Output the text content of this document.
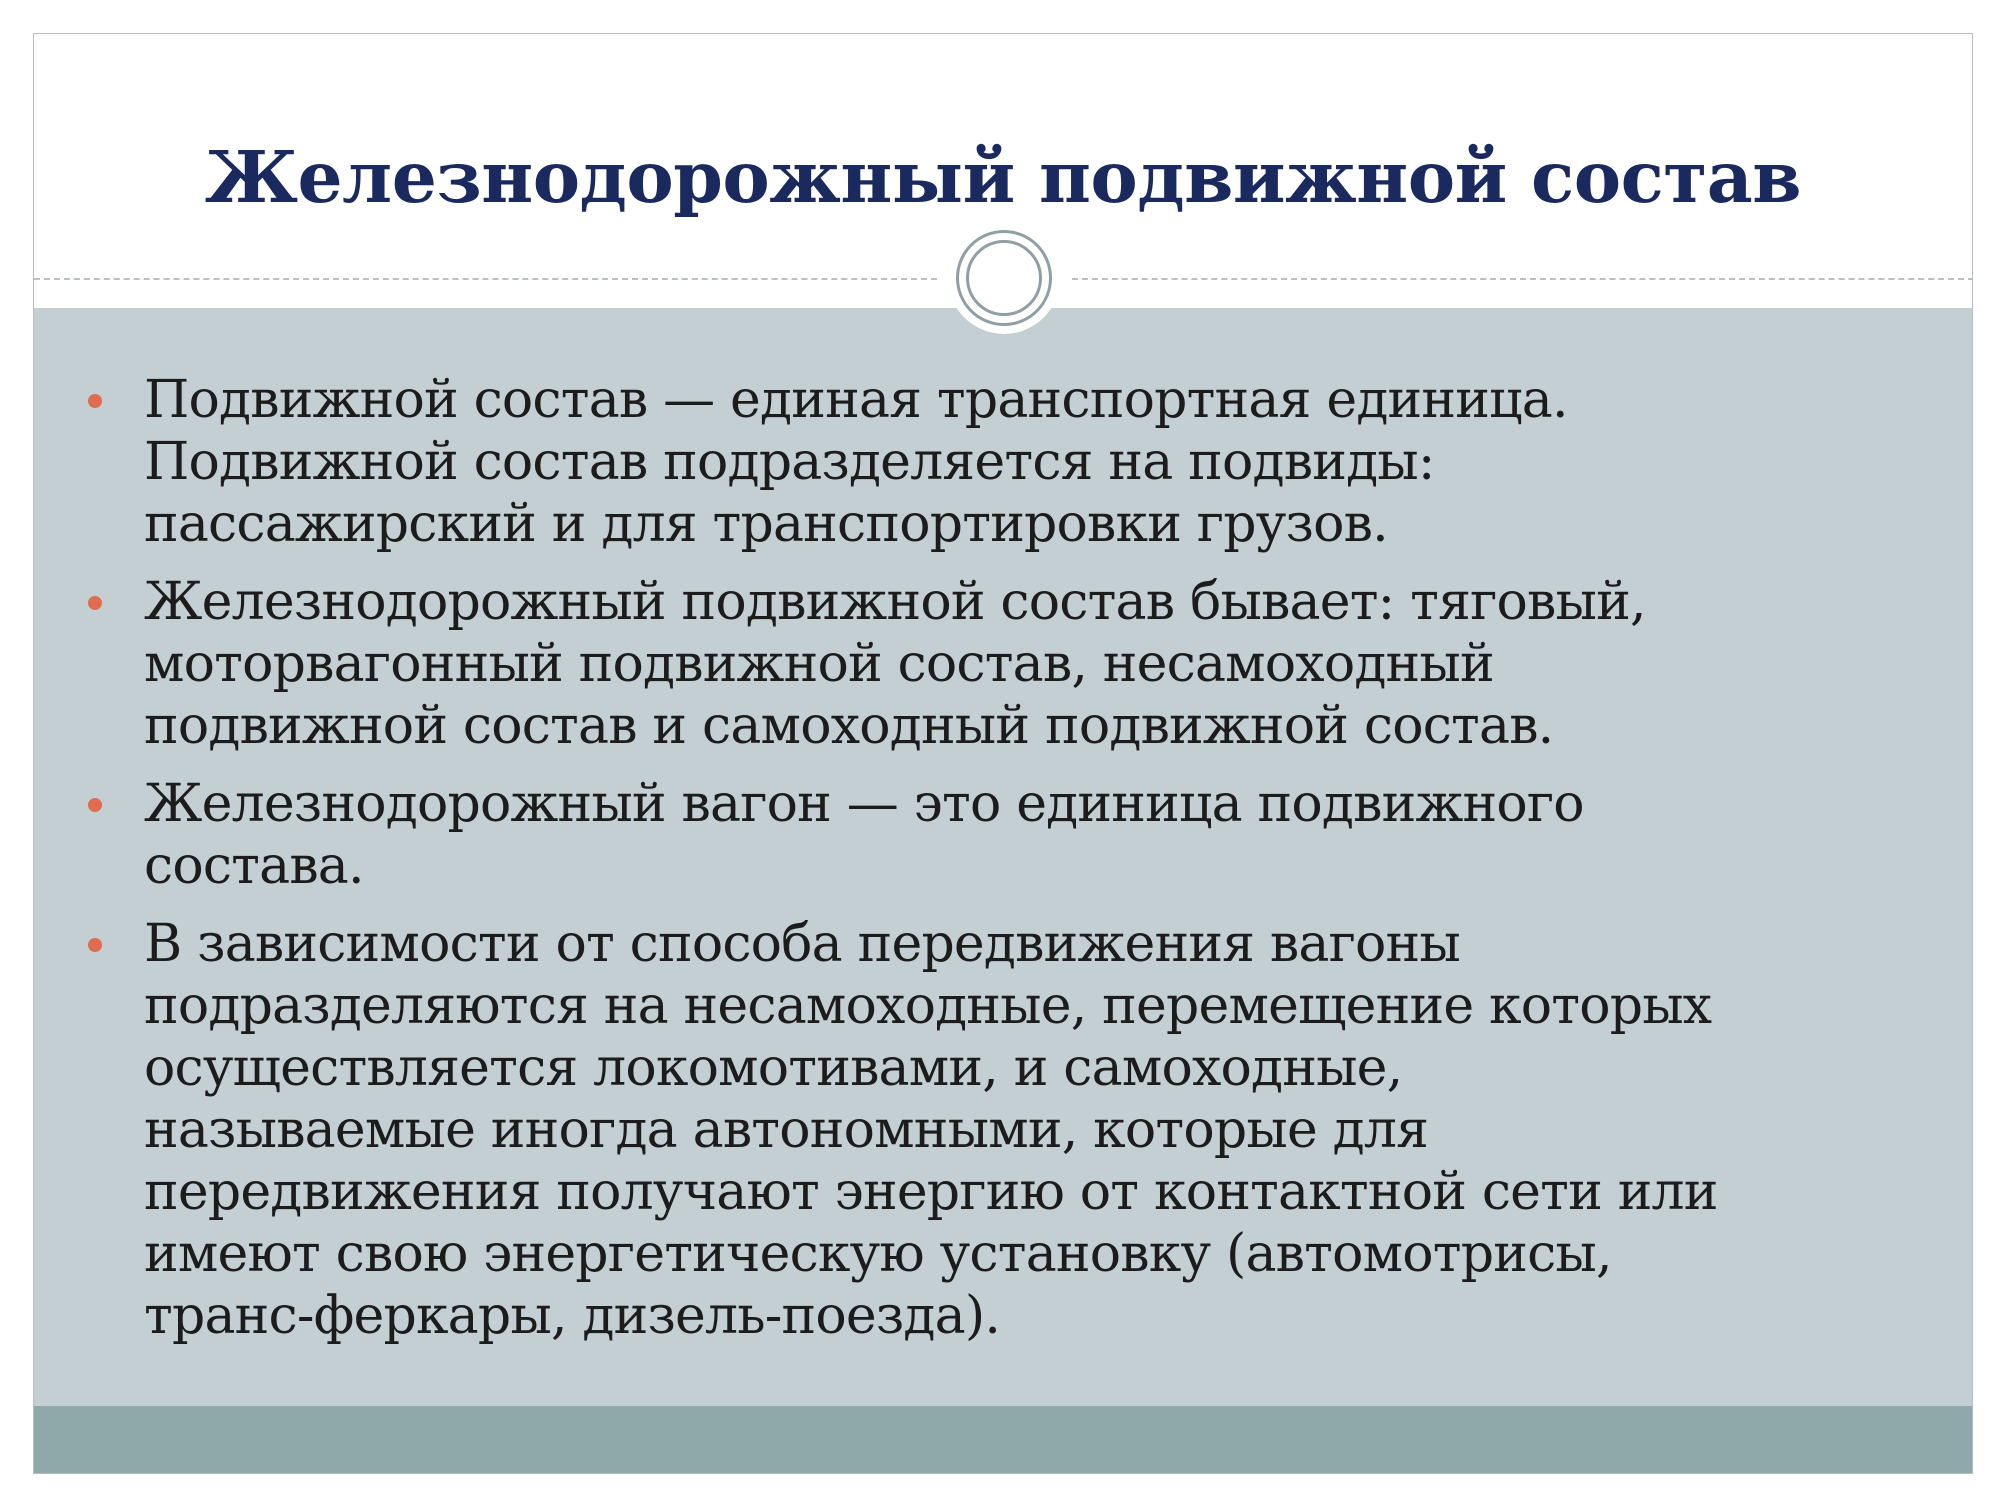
Железнодорожный подвижной состав
Подвижной состав — единая транспортная единица.
Подвижной состав подразделяется на подвиды:
пассажирский и для транспортировки грузов.
Железнодорожный подвижной состав бывает: тяговый,
моторвагонный подвижной состав, несамоходный
подвижной состав и самоходный подвижной состав.
Железнодорожный вагон — это единица подвижного
состава.
В зависимости от способа передвижения вагоны
подразделяются на несамоходные, перемещение которых
осуществляется локомотивами, и самоходные,
называемые иногда автономными, которые для
передвижения получают энергию от контактной сети или
имеют свою энергетическую установку (автомотрисы,
транс-феркары, дизель-поезда).
